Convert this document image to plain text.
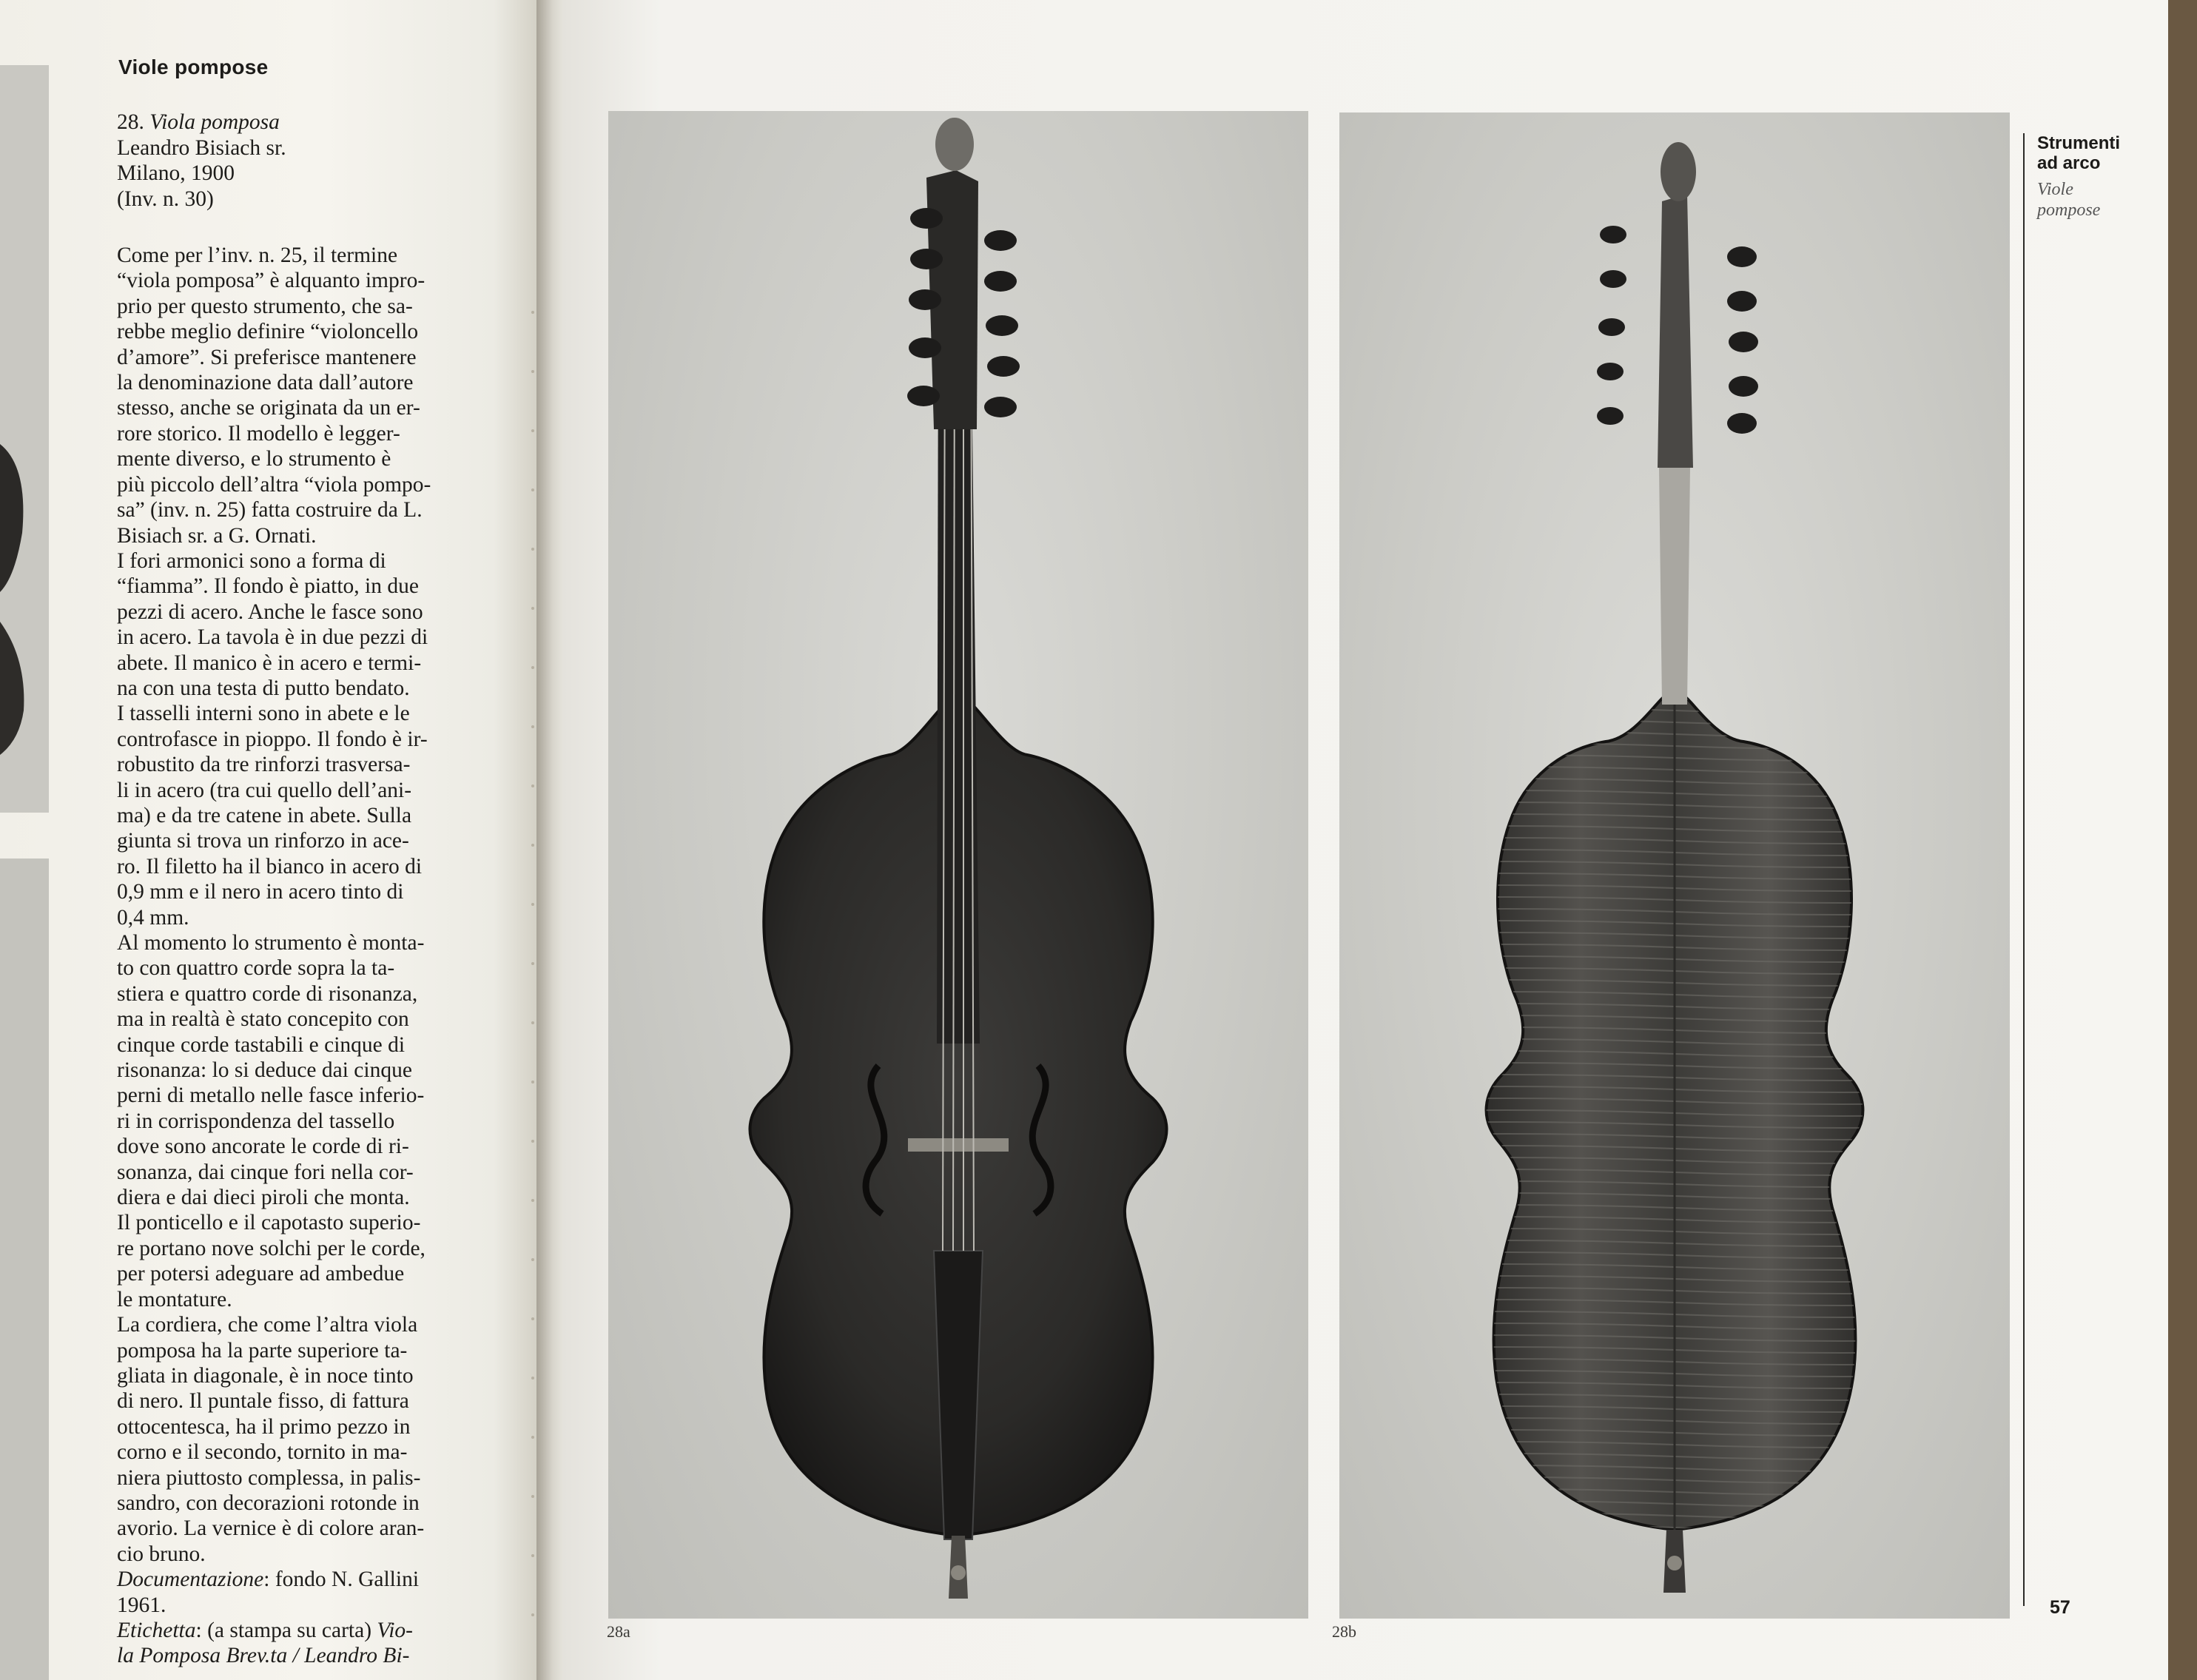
Viole pompose
28. Viola pomposa
Leandro Bisiach sr.
Milano, 1900
(Inv. n. 30)

Come per l’inv. n. 25, il termine

“viola pomposa” è alquanto impro-

prio per questo strumento, che sa-

rebbe meglio definire “violoncello

d’amore”. Si preferisce mantenere

la denominazione data dall’autore

stesso, anche se originata da un er-

rore storico. Il modello è legger-

mente diverso, e lo strumento è

più piccolo dell’altra “viola pompo-

sa” (inv. n. 25) fatta costruire da L.

Bisiach sr. a G. Ornati.

I fori armonici sono a forma di

“fiamma”. Il fondo è piatto, in due

pezzi di acero. Anche le fasce sono

in acero. La tavola è in due pezzi di

abete. Il manico è in acero e termi-

na con una testa di putto bendato.

I tasselli interni sono in abete e le

controfasce in pioppo. Il fondo è ir-

robustito da tre rinforzi trasversa-

li in acero (tra cui quello dell’ani-

ma) e da tre catene in abete. Sulla

giunta si trova un rinforzo in ace-

ro. Il filetto ha il bianco in acero di

0,9 mm e il nero in acero tinto di

0,4 mm.

Al momento lo strumento è monta-

to con quattro corde sopra la ta-

stiera e quattro corde di risonanza,

ma in realtà è stato concepito con

cinque corde tastabili e cinque di

risonanza: lo si deduce dai cinque

perni di metallo nelle fasce inferio-

ri in corrispondenza del tassello

dove sono ancorate le corde di ri-

sonanza, dai cinque fori nella cor-

diera e dai dieci piroli che monta.

Il ponticello e il capotasto superio-

re portano nove solchi per le corde,

per potersi adeguare ad ambedue

le montature.

La cordiera, che come l’altra viola

pomposa ha la parte superiore ta-

gliata in diagonale, è in noce tinto

di nero. Il puntale fisso, di fattura

ottocentesca, ha il primo pezzo in

corno e il secondo, tornito in ma-

niera piuttosto complessa, in palis-

sandro, con decorazioni rotonde in

avorio. La vernice è di colore aran-

cio bruno.

Documentazione: fondo N. Gallini

1961.

Etichetta: (a stampa su carta) Vio-

la Pomposa Brev.ta / Leandro Bi-

28a	28b
Strumenti
ad arco
Viole
pompose
57
